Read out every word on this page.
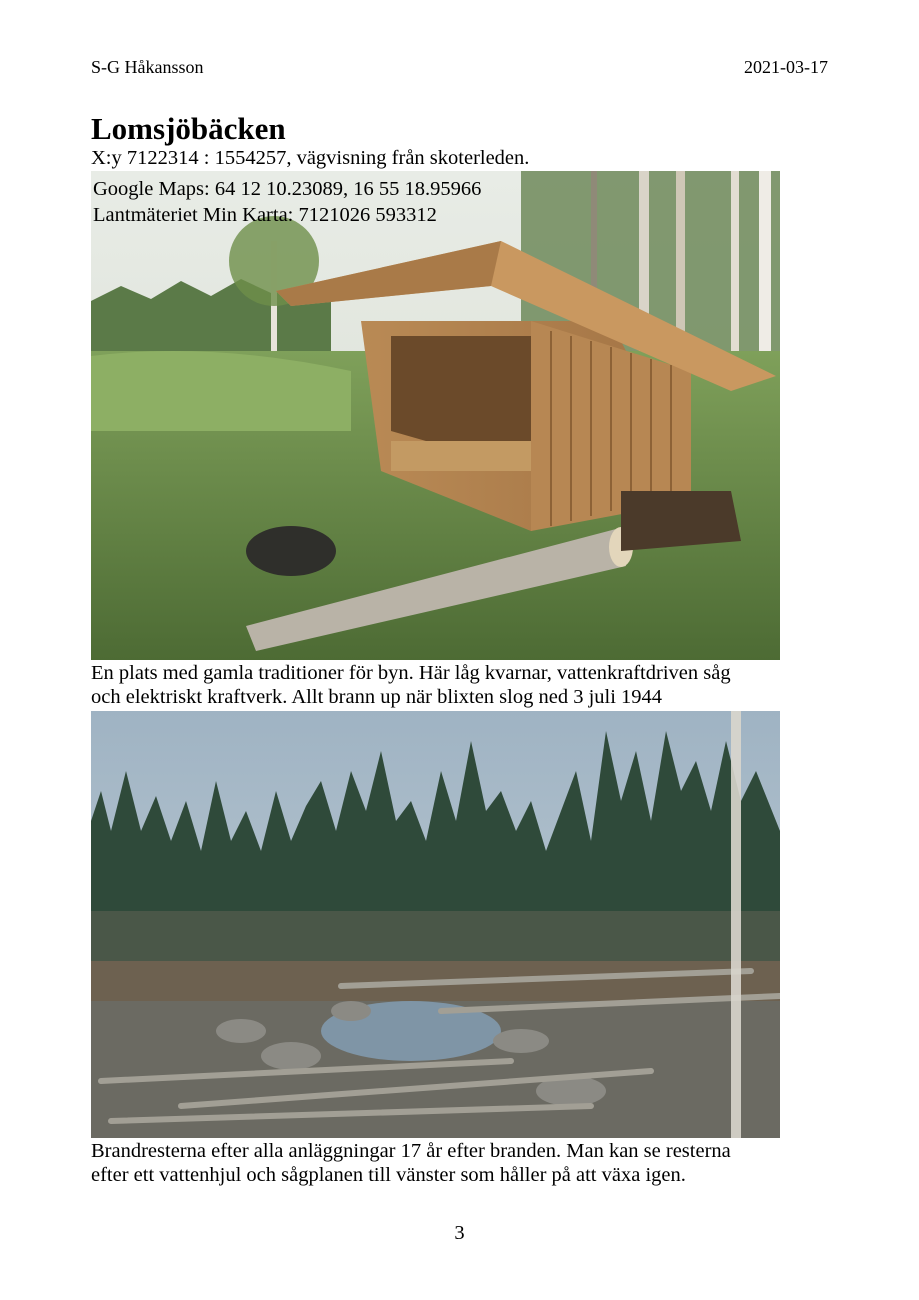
S-G Håkansson	2021-03-17
Lomsjöbäcken
X:y 7122314 : 1554257, vägvisning från skoterleden.
Google Maps: 64 12 10.23089, 16 55 18.95966
Lantmäteriet Min Karta: 7121026 593312

En plats med gamla traditioner för byn. Här låg kvarnar, vattenkraftdriven såg

och elektriskt kraftverk. Allt brann up när blixten slog ned 3 juli 1944

Brandresterna efter alla anläggningar 17 år efter branden. Man kan se resterna

efter ett vattenhjul och sågplanen till vänster som håller på att växa igen.

3
